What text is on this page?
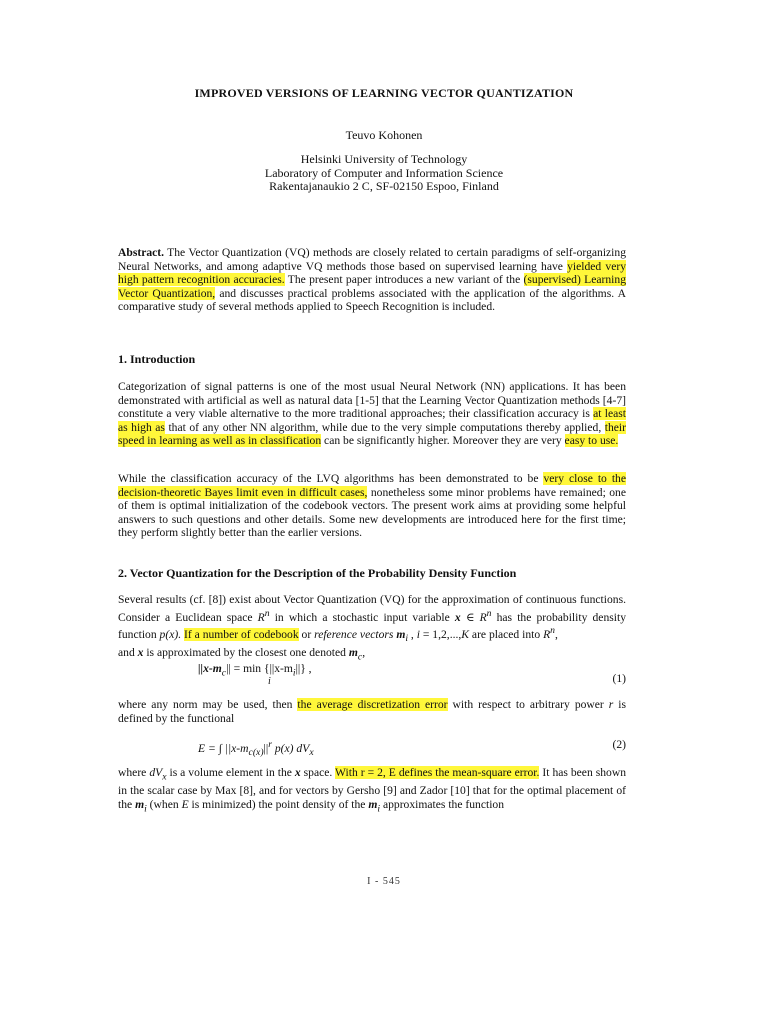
IMPROVED VERSIONS OF LEARNING VECTOR QUANTIZATION
Teuvo Kohonen
Helsinki University of Technology
Laboratory of Computer and Information Science
Rakentajanaukio 2 C, SF-02150 Espoo, Finland

Abstract. The Vector Quantization (VQ) methods are closely related to certain paradigms of self-organizing Neural Networks, and among adaptive VQ methods those based on supervised learning have yielded very high pattern recognition accuracies. The present paper introduces a new variant of the (supervised) Learning Vector Quantization, and discusses practical problems associated with the application of the algorithms. A comparative study of several methods applied to Speech Recognition is included.

1. Introduction

Categorization of signal patterns is one of the most usual Neural Network (NN) applications. It has been demonstrated with artificial as well as natural data [1-5] that the Learning Vector Quantization methods [4-7] constitute a very viable alternative to the more traditional approaches; their classification accuracy is at least as high as that of any other NN algorithm, while due to the very simple computations thereby applied, their speed in learning as well as in classification can be significantly higher. Moreover they are very easy to use.

While the classification accuracy of the LVQ algorithms has been demonstrated to be very close to the decision-theoretic Bayes limit even in difficult cases, nonetheless some minor problems have remained; one of them is optimal initialization of the codebook vectors. The present work aims at providing some helpful answers to such questions and other details. Some new developments are introduced here for the first time; they perform slightly better than the earlier versions.

2. Vector Quantization for the Description of the Probability Density Function

Several results (cf. [8]) exist about Vector Quantization (VQ) for the approximation of continuous functions. Consider a Euclidean space $R^n$ in which a stochastic input variable x ∈ $R^n$ has the probability density function p(x). If a number of codebook or reference vectors $m_i$ , i = 1,2,...,K are placed into $R^n$,
and x is approximated by the closest one denoted $m_c$,

$||x-m_c|| = \min \{||x-m_i||\}$ ,
i	(1)

where any norm may be used, then the average discretization error with respect to arbitrary power r is defined by the functional

E = ∫ $||x-m_{c(x)}||^r$ p(x) $dV_x$
(2)

where $dV_x$ is a volume element in the x space. With r = 2, E defines the mean-square error. It has been shown in the scalar case by Max [8], and for vectors by Gersho [9] and Zador [10] that for the optimal placement of the $m_i$ (when E is minimized) the point density of the $m_i$ approximates the function

I - 545
